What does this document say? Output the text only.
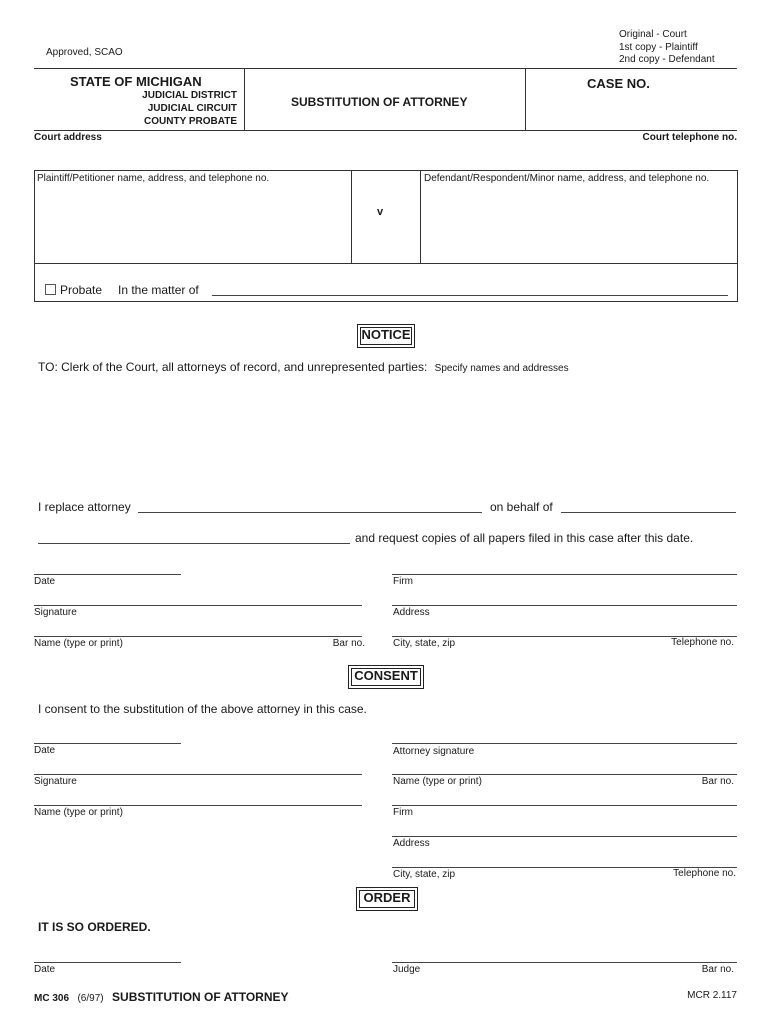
Approved, SCAO
Original - Court
1st copy - Plaintiff
2nd copy - Defendant
STATE OF MICHIGAN
JUDICIAL DISTRICT
JUDICIAL CIRCUIT
COUNTY PROBATE
SUBSTITUTION OF ATTORNEY
CASE NO.
Court address	Court telephone no.
Plaintiff/Petitioner name, address, and telephone no.
v
Defendant/Respondent/Minor name, address, and telephone no.
Probate In the matter of
NOTICE
TO: Clerk of the Court, all attorneys of record, and unrepresented parties: Specify names and addresses
I replace attorney	on behalf of
and request copies of all papers filed in this case after this date.
Date	Firm
Signature	Address
Name (type or print)	Bar no.	City, state, zip	Telephone no.
CONSENT
I consent to the substitution of the above attorney in this case.
Date	Attorney signature
Signature	Name (type or print)	Bar no.
Name (type or print)	Firm
Address
City, state, zip	Telephone no.
ORDER
IT IS SO ORDERED.
Date	Judge	Bar no.
MC 306 (6/97) SUBSTITUTION OF ATTORNEY	MCR 2.117
